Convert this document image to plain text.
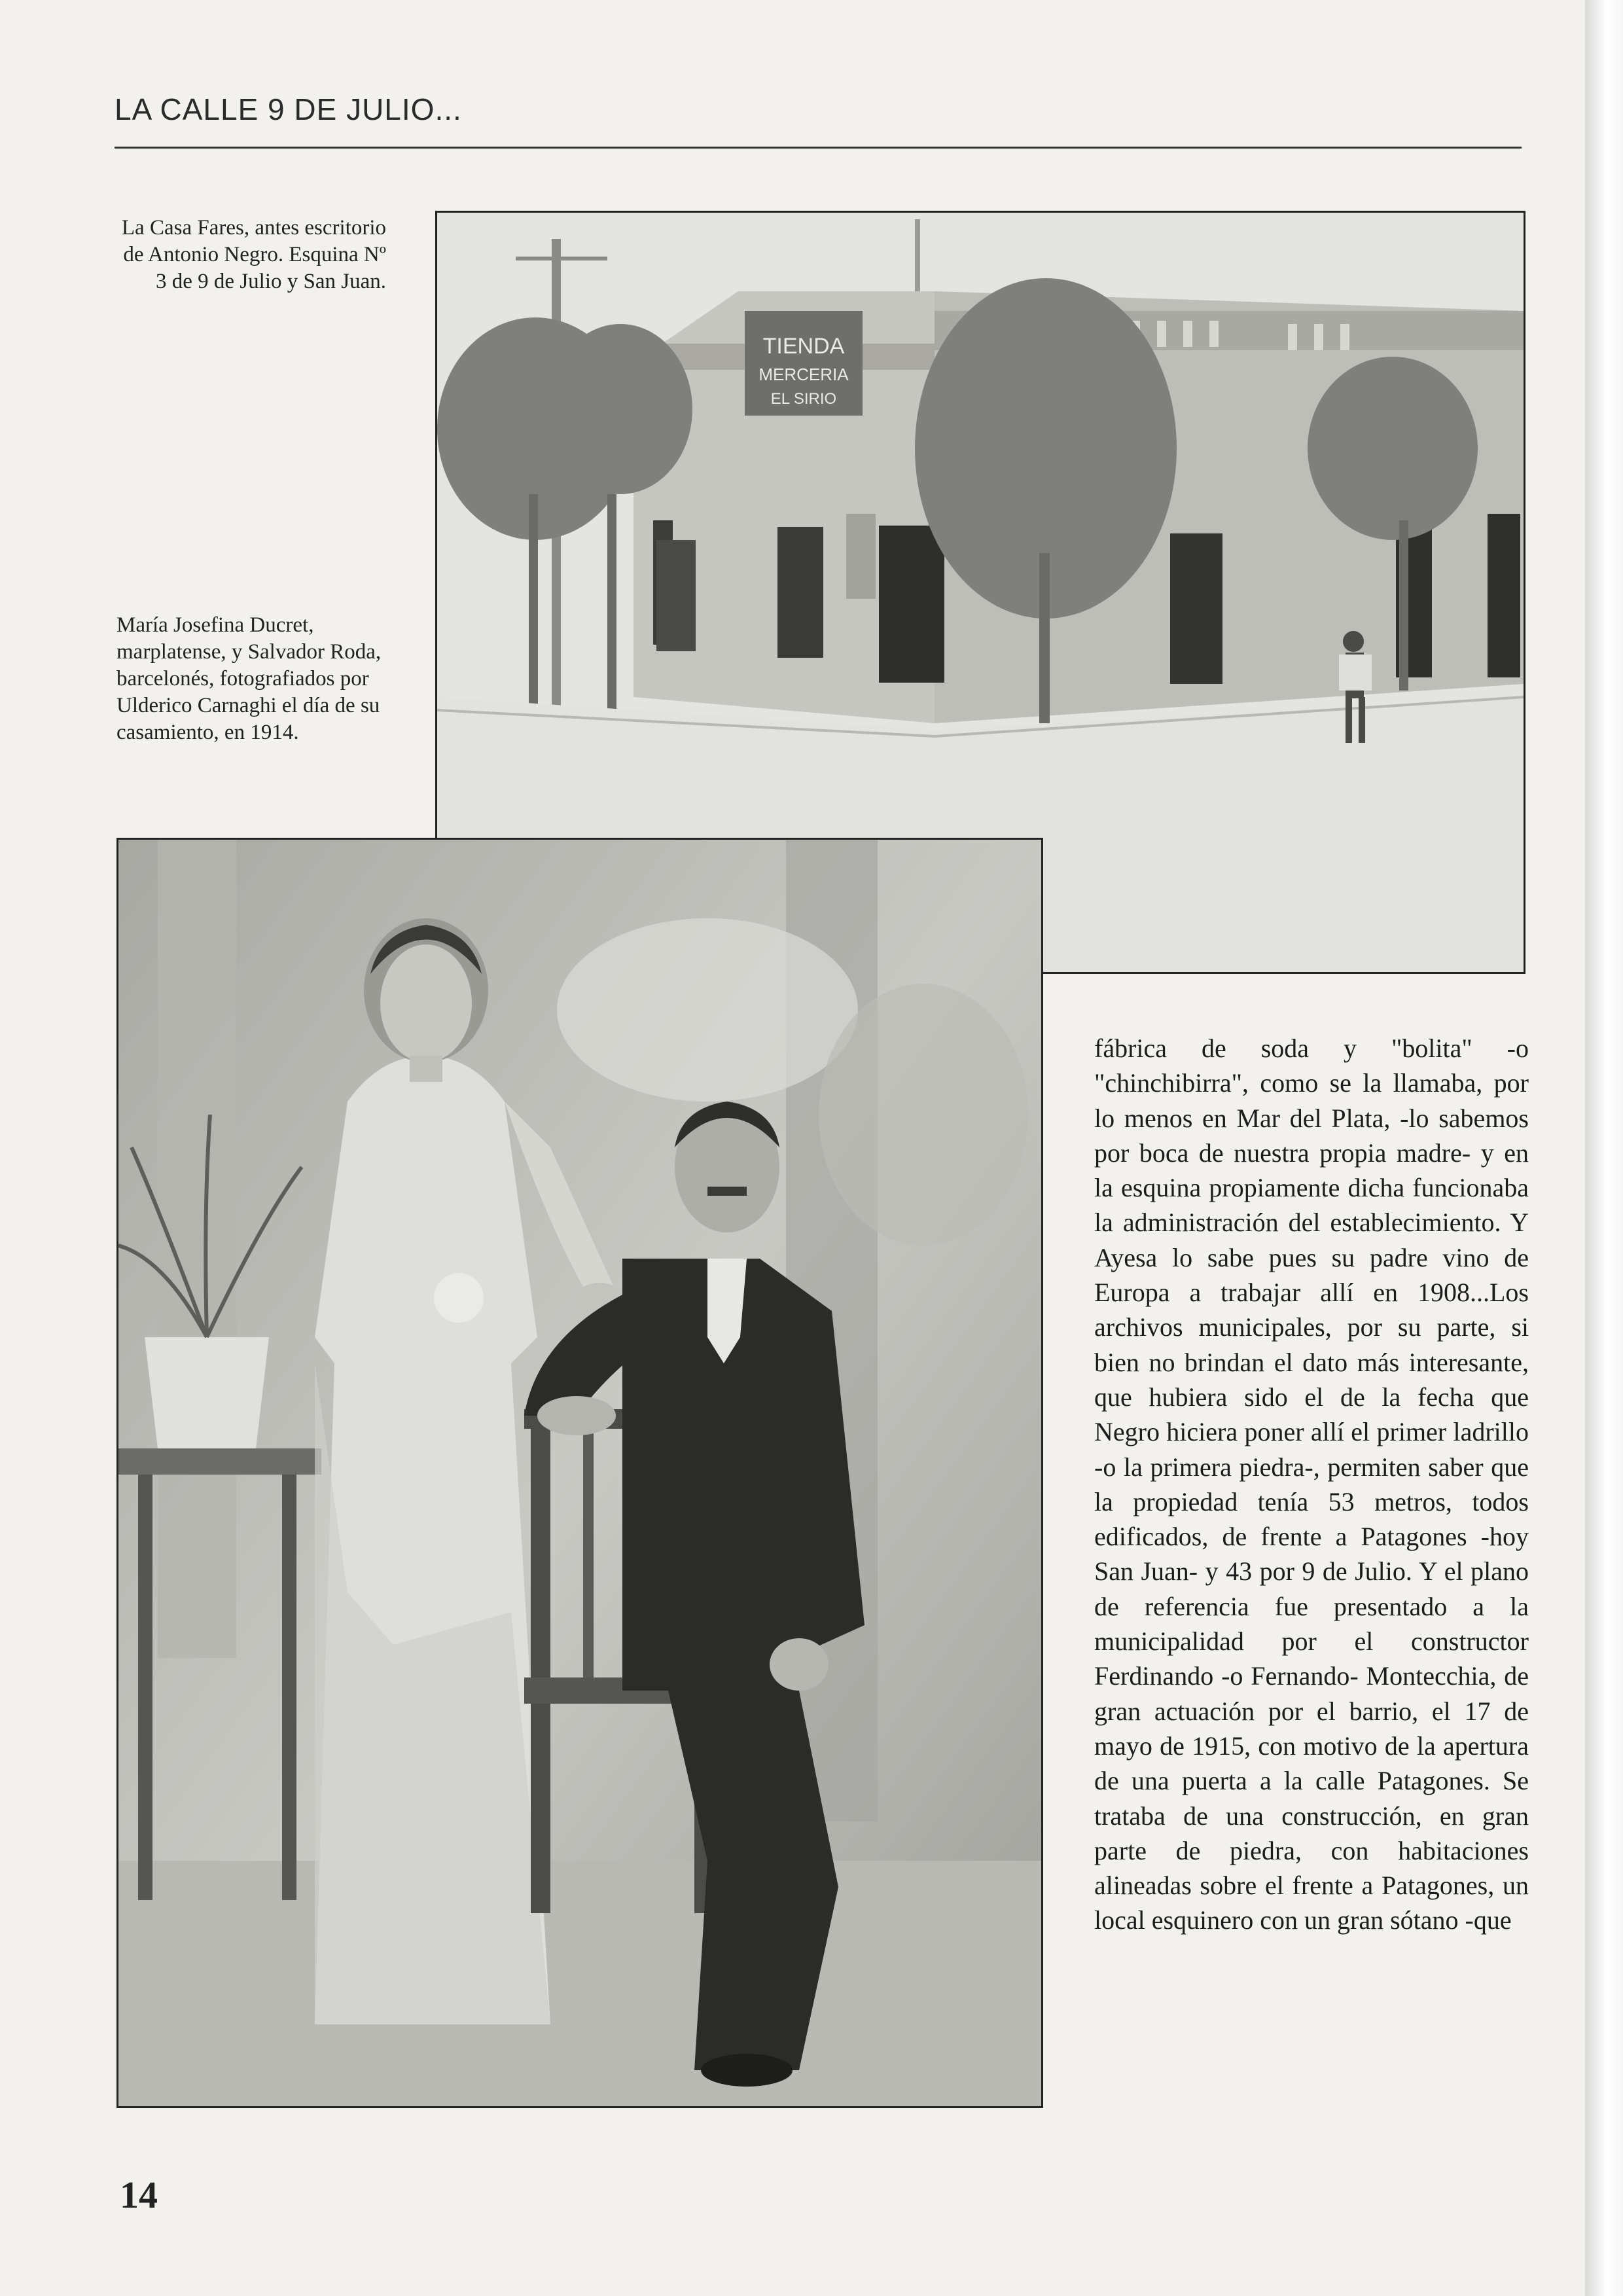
LA CALLE 9 DE JULIO...
La Casa Fares, antes escritorio de Antonio Negro. Esquina Nº 3 de 9 de Julio y San Juan.
María Josefina Ducret, marplatense, y Salvador Roda, barcelonés, fotografiados por Ulderico Carnaghi el día de su casamiento, en 1914.
TIENDA
MERCERIA
EL SIRIO

fábrica de soda y "bolita" -o "chinchibirra", como se la llamaba, por lo menos en Mar del Plata, -lo sabemos por boca de nuestra propia madre- y en la esquina propiamente dicha funcionaba la administración del establecimiento. Y Ayesa lo sabe pues su padre vino de Europa a trabajar allí en 1908...Los archivos municipales, por su parte, si bien no brindan el dato más interesante, que hubiera sido el de la fecha que Negro hiciera poner allí el primer ladrillo -o la primera piedra-, permiten saber que la propiedad tenía 53 metros, todos edificados, de frente a Patagones -hoy San Juan- y 43 por 9 de Julio. Y el plano de referencia fue presentado a la municipalidad por el constructor Ferdinando -o Fernando- Montecchia, de gran actuación por el barrio, el 17 de mayo de 1915, con motivo de la apertura de una puerta a la calle Patagones. Se trataba de una construcción, en gran parte de piedra, con habitaciones alineadas sobre el frente a Patagones, un local esquinero con un gran sótano -que

14
